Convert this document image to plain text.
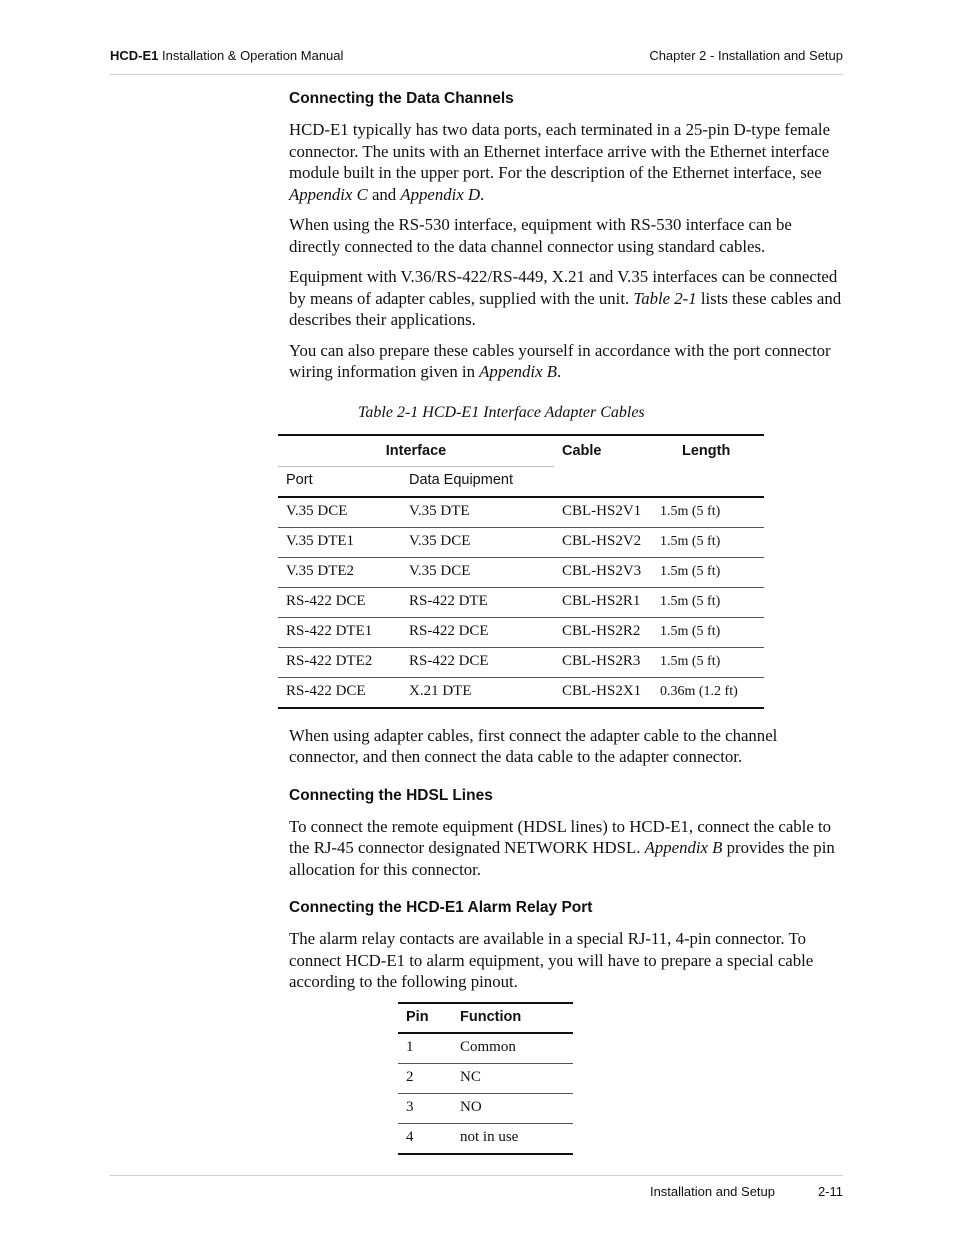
HCD-E1 Installation & Operation Manual	Chapter 2 - Installation and Setup
Connecting the Data Channels

HCD-E1 typically has two data ports, each terminated in a 25-pin D-type female connector. The units with an Ethernet interface arrive with the Ethernet interface module built in the upper port. For the description of the Ethernet interface, see Appendix C and Appendix D.

When using the RS-530 interface, equipment with RS-530 interface can be directly connected to the data channel connector using standard cables.

Equipment with V.36/RS-422/RS-449, X.21 and V.35 interfaces can be connected by means of adapter cables, supplied with the unit. Table 2-1 lists these cables and describes their applications.

You can also prepare these cables yourself in accordance with the port connector wiring information given in Appendix B.

Table 2-1 HCD-E1 Interface Adapter Cables
Interface		Cable	Length
Port	Data Equipment		
V.35 DCE	V.35 DTE	CBL-HS2V1	1.5m (5 ft)
V.35 DTE1	V.35 DCE	CBL-HS2V2	1.5m (5 ft)
V.35 DTE2	V.35 DCE	CBL-HS2V3	1.5m (5 ft)
RS-422 DCE	RS-422 DTE	CBL-HS2R1	1.5m (5 ft)
RS-422 DTE1	RS-422 DCE	CBL-HS2R2	1.5m (5 ft)
RS-422 DTE2	RS-422 DCE	CBL-HS2R3	1.5m (5 ft)
RS-422 DCE	X.21 DTE	CBL-HS2X1	0.36m (1.2 ft)

When using adapter cables, first connect the adapter cable to the channel connector, and then connect the data cable to the adapter connector.

Connecting the HDSL Lines

To connect the remote equipment (HDSL lines) to HCD-E1, connect the cable to the RJ-45 connector designated NETWORK HDSL. Appendix B provides the pin allocation for this connector.

Connecting the HCD-E1 Alarm Relay Port

The alarm relay contacts are available in a special RJ-11, 4-pin connector. To connect HCD-E1 to alarm equipment, you will have to prepare a special cable according to the following pinout.

Pin	Function
1	Common
2	NC
3	NO
4	not in use
Installation and Setup	2-11
